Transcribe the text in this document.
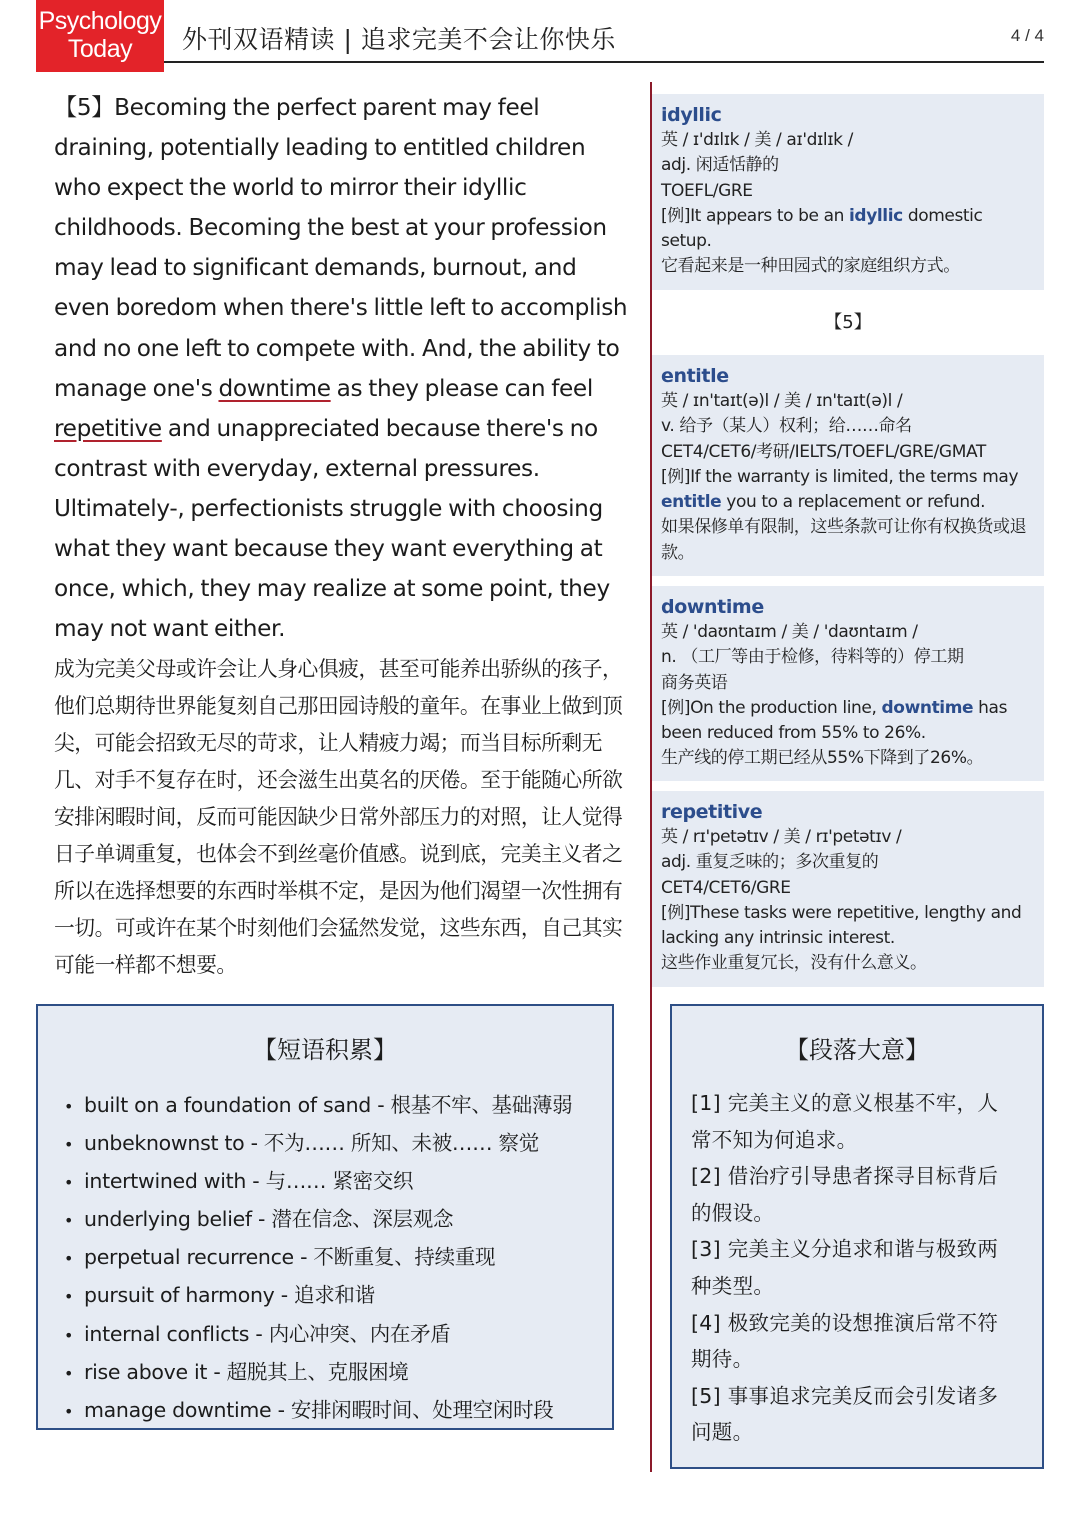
Psychology
Today	外刊双语精读 | 追求完美不会让你快乐	4 / 4

【5】Becoming the perfect parent may feel draining, potentially leading to entitled children who expect the world to mirror their idyllic childhoods. Becoming the best at your profession may lead to significant demands, burnout, and even boredom when there's little left to accomplish and no one left to compete with. And, the ability to manage one's downtime as they please can feel repetitive and unappreciated because there's no contrast with everyday, external pressures. Ultimately-, perfectionists struggle with choosing what they want because they want everything at once, which, they may realize at some point, they may not want either.

成为完美父母或许会让人身心俱疲，甚至可能养出骄纵的孩子，他们总期待世界能复刻自己那田园诗般的童年。在事业上做到顶尖，可能会招致无尽的苛求，让人精疲力竭；而当目标所剩无几、对手不复存在时，还会滋生出莫名的厌倦。至于能随心所欲安排闲暇时间，反而可能因缺少日常外部压力的对照，让人觉得日子单调重复，也体会不到丝毫价值感。说到底，完美主义者之所以在选择想要的东西时举棋不定，是因为他们渴望一次性拥有一切。可或许在某个时刻他们会猛然发觉，这些东西，自己其实可能一样都不想要。

idyllic
英 / ɪ'dɪlɪk / 美 / aɪ'dɪlɪk /
adj. 闲适恬静的
TOEFL/GRE
[例]It appears to be an idyllic domestic setup.
它看起来是一种田园式的家庭组织方式。
【5】
entitle
英 / ɪn'taɪt(ə)l / 美 / ɪn'taɪt(ə)l /
v. 给予（某人）权利；给……命名
CET4/CET6/考研/IELTS/TOEFL/GRE/GMAT
[例]If the warranty is limited, the terms may entitle you to a replacement or refund.
如果保修单有限制，这些条款可让你有权换货或退款。
downtime
英 / 'daʊntaɪm / 美 / 'daʊntaɪm /
n. （工厂等由于检修，待料等的）停工期
商务英语
[例]On the production line, downtime has been reduced from 55% to 26%.
生产线的停工期已经从55%下降到了26%。
repetitive
英 / rɪ'petətɪv / 美 / rɪ'petətɪv /
adj. 重复乏味的；多次重复的
CET4/CET6/GRE
[例]These tasks were repetitive, lengthy and lacking any intrinsic interest.
这些作业重复冗长，没有什么意义。
【短语积累】
• built on a foundation of sand - 根基不牢、基础薄弱
• unbeknownst to - 不为…… 所知、未被…… 察觉
• intertwined with - 与…… 紧密交织
• underlying belief - 潜在信念、深层观念
• perpetual recurrence - 不断重复、持续重现
• pursuit of harmony - 追求和谐
• internal conflicts - 内心冲突、内在矛盾
• rise above it - 超脱其上、克服困境
• manage downtime - 安排闲暇时间、处理空闲时段
【段落大意】
[1] 完美主义的意义根基不牢，人常不知为何追求。
[2] 借治疗引导患者探寻目标背后的假设。
[3] 完美主义分追求和谐与极致两种类型。
[4] 极致完美的设想推演后常不符期待。
[5] 事事追求完美反而会引发诸多问题。
